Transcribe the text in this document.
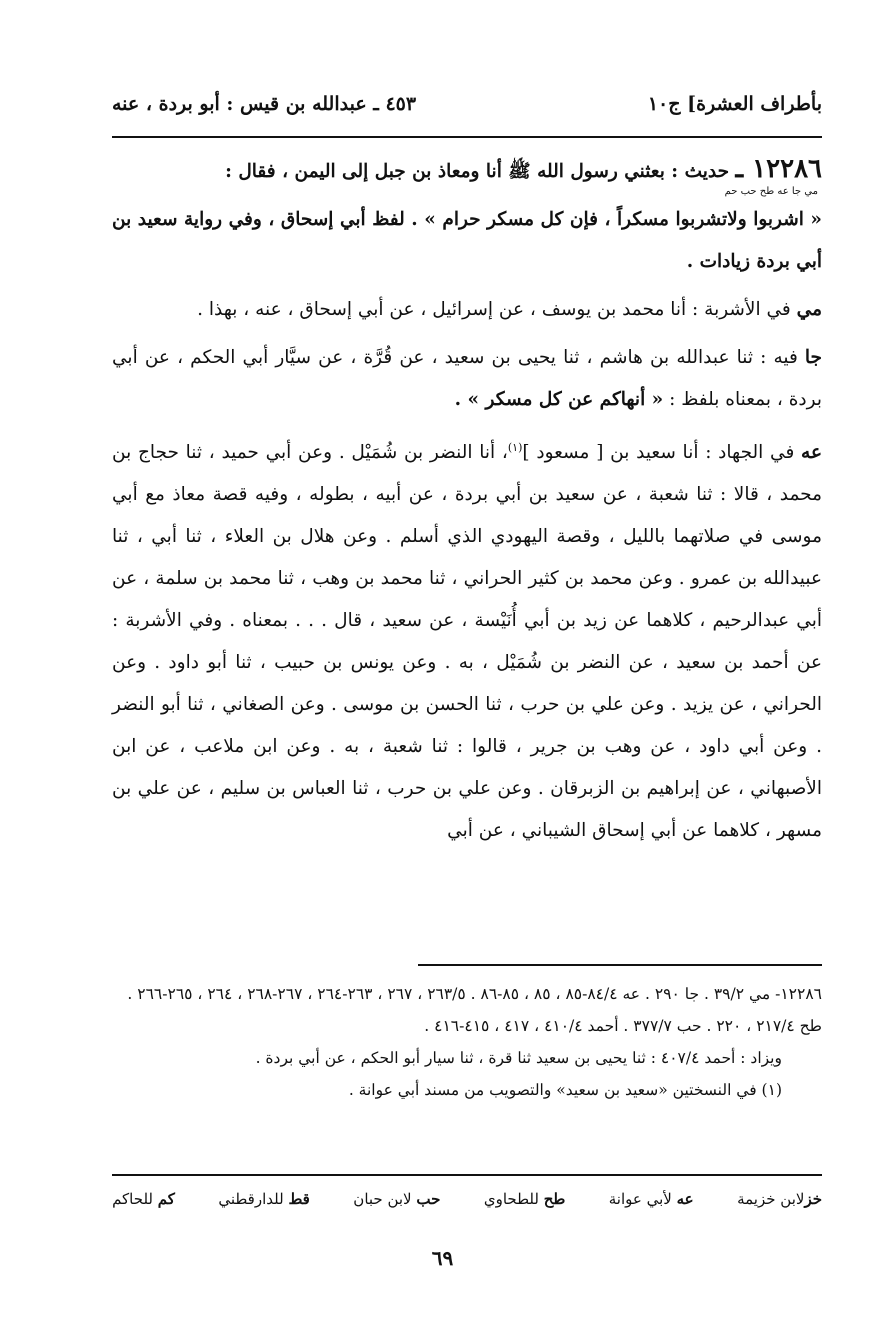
بأطراف العشرة] ج١٠
٤٥٣ ـ عبدالله بن قيس : أبو بردة ، عنه

١٢٢٨٦ ـ حديث : بعثني رسول الله ﷺ أنا ومعاذ بن جبل إلى اليمن ، فقال :

مي جا عه طح حب حم

« اشربوا ولاتشربوا مسكراً ، فإن كل مسكر حرام » . لفظ أبي إسحاق ، وفي رواية سعيد بن أبي بردة زيادات .

مي في الأشربة : أنا محمد بن يوسف ، عن إسرائيل ، عن أبي إسحاق ، عنه ، بهذا .

جا فيه : ثنا عبدالله بن هاشم ، ثنا يحيى بن سعيد ، عن قُرَّة ، عن سيَّار أبي الحكم ، عن أبي بردة ، بمعناه بلفظ : « أنهاكم عن كل مسكر » .

عه في الجهاد : أنا سعيد بن [ مسعود ]$^{(١)}$، أنا النضر بن شُمَيْل . وعن أبي حميد ، ثنا حجاج بن محمد ، قالا : ثنا شعبة ، عن سعيد بن أبي بردة ، عن أبيه ، بطوله ، وفيه قصة معاذ مع أبي موسى في صلاتهما بالليل ، وقصة اليهودي الذي أسلم . وعن هلال بن العلاء ، ثنا أبي ، ثنا عبيدالله بن عمرو . وعن محمد بن كثير الحراني ، ثنا محمد بن وهب ، ثنا محمد بن سلمة ، عن أبي عبدالرحيم ، كلاهما عن زيد بن أبي أُنَيْسة ، عن سعيد ، قال . . . بمعناه . وفي الأشربة : عن أحمد بن سعيد ، عن النضر بن شُمَيْل ، به . وعن يونس بن حبيب ، ثنا أبو داود . وعن الحراني ، عن يزيد . وعن علي بن حرب ، ثنا الحسن بن موسى . وعن الصغاني ، ثنا أبو النضر . وعن أبي داود ، عن وهب بن جرير ، قالوا : ثنا شعبة ، به . وعن ابن ملاعب ، عن ابن الأصبهاني ، عن إبراهيم بن الزبرقان . وعن علي بن حرب ، ثنا العباس بن سليم ، عن علي بن مسهر ، كلاهما عن أبي إسحاق الشيباني ، عن أبي

١٢٢٨٦- مي ٣٩/٢ . جا ٢٩٠ . عه ٨٤/٤-٨٥ ، ٨٥ ، ٨٥-٨٦ . ٢٦٣/٥ ، ٢٦٧ ، ٢٦٣-٢٦٤ ، ٢٦٧-٢٦٨ ، ٢٦٤ ، ٢٦٥-٢٦٦ . طح ٢١٧/٤ ، ٢٢٠ . حب ٣٧٧/٧ . أحمد ٤١٠/٤ ، ٤١٧ ، ٤١٥-٤١٦ .

ويزاد : أحمد ٤٠٧/٤ : ثنا يحيى بن سعيد ثنا قرة ، ثنا سيار أبو الحكم ، عن أبي بردة .

(١) في النسختين «سعيد بن سعيد» والتصويب من مسند أبي عوانة .

خزلابن خزيمة
عه لأبي عوانة
طح للطحاوي
حب لابن حبان
قط للدارقطني
كم للحاكم
٦٩
